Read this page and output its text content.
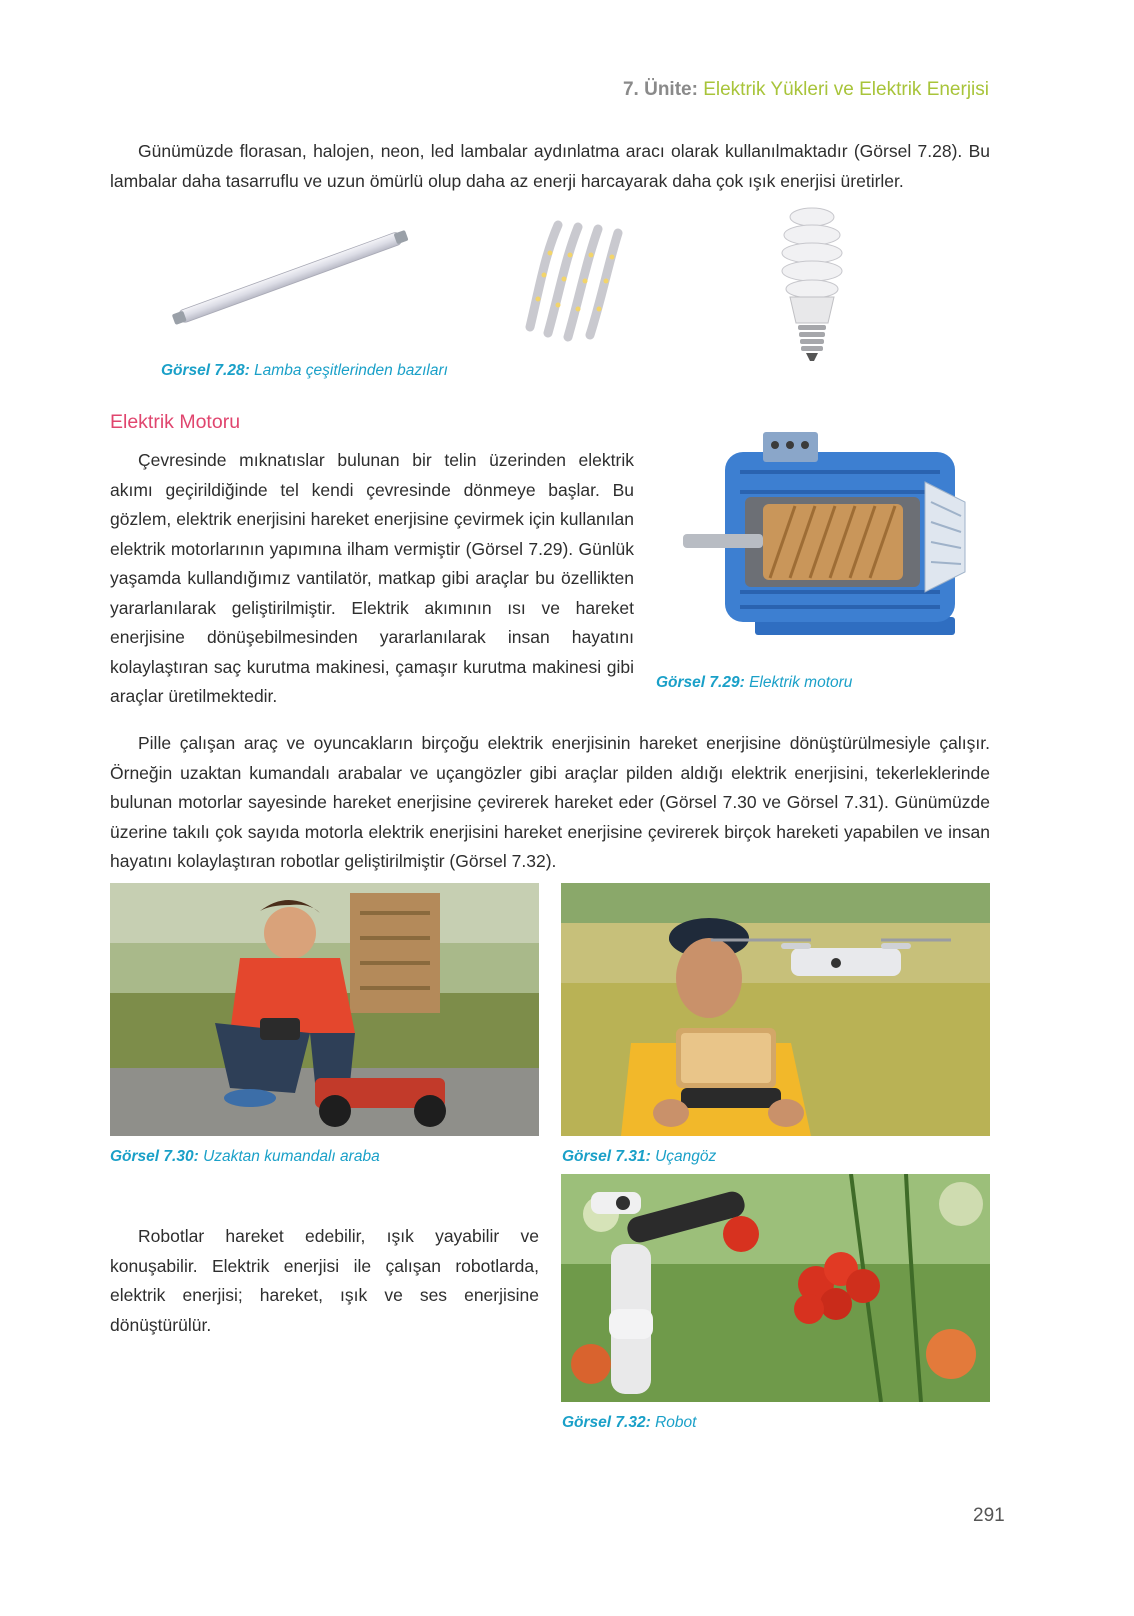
7. Ünite: Elektrik Yükleri ve Elektrik Enerjisi

Günümüzde florasan, halojen, neon, led lambalar aydınlatma aracı olarak kullanılmaktadır (Görsel 7.28). Bu lambalar daha tasarruflu ve uzun ömürlü olup daha az enerji harcayarak daha çok ışık enerjisi üretirler.

Görsel 7.28: Lamba çeşitlerinden bazıları
Elektrik Motoru

Çevresinde mıknatıslar bulunan bir telin üzerinden elektrik akımı geçirildiğinde tel kendi çevresinde dönmeye başlar. Bu gözlem, elektrik enerjisini hareket enerjisine çevirmek için kullanılan elektrik motorlarının yapımına ilham vermiştir (Görsel 7.29). Günlük yaşamda kullandığımız vantilatör, matkap gibi araçlar bu özellikten yararlanılarak geliştirilmiştir. Elektrik akımının ısı ve hareket enerjisine dönüşebilmesinden yararlanılarak insan hayatını kolaylaştıran saç kurutma makinesi, çamaşır kurutma makinesi gibi araçlar üretilmektedir.

Görsel 7.29: Elektrik motoru

Pille çalışan araç ve oyuncakların birçoğu elektrik enerjisinin hareket enerjisine dönüştürülmesiyle çalışır. Örneğin uzaktan kumandalı arabalar ve uçangözler gibi araçlar pilden aldığı elektrik enerjisini, tekerleklerinde bulunan motorlar sayesinde hareket enerjisine çevirerek hareket eder (Görsel 7.30 ve Görsel 7.31). Günümüzde üzerine takılı çok sayıda motorla elektrik enerjisini hareket enerjisine çevirerek birçok hareketi yapabilen ve insan hayatını kolaylaştıran robotlar geliştirilmiştir (Görsel 7.32).

Görsel 7.30: Uzaktan kumandalı araba	Görsel 7.31: Uçangöz

Robotlar hareket edebilir, ışık yayabilir ve konuşabilir. Elektrik enerjisi ile çalışan robotlarda, elektrik enerjisi; hareket, ışık ve ses enerjisine dönüştürülür.

Görsel 7.32: Robot
291
